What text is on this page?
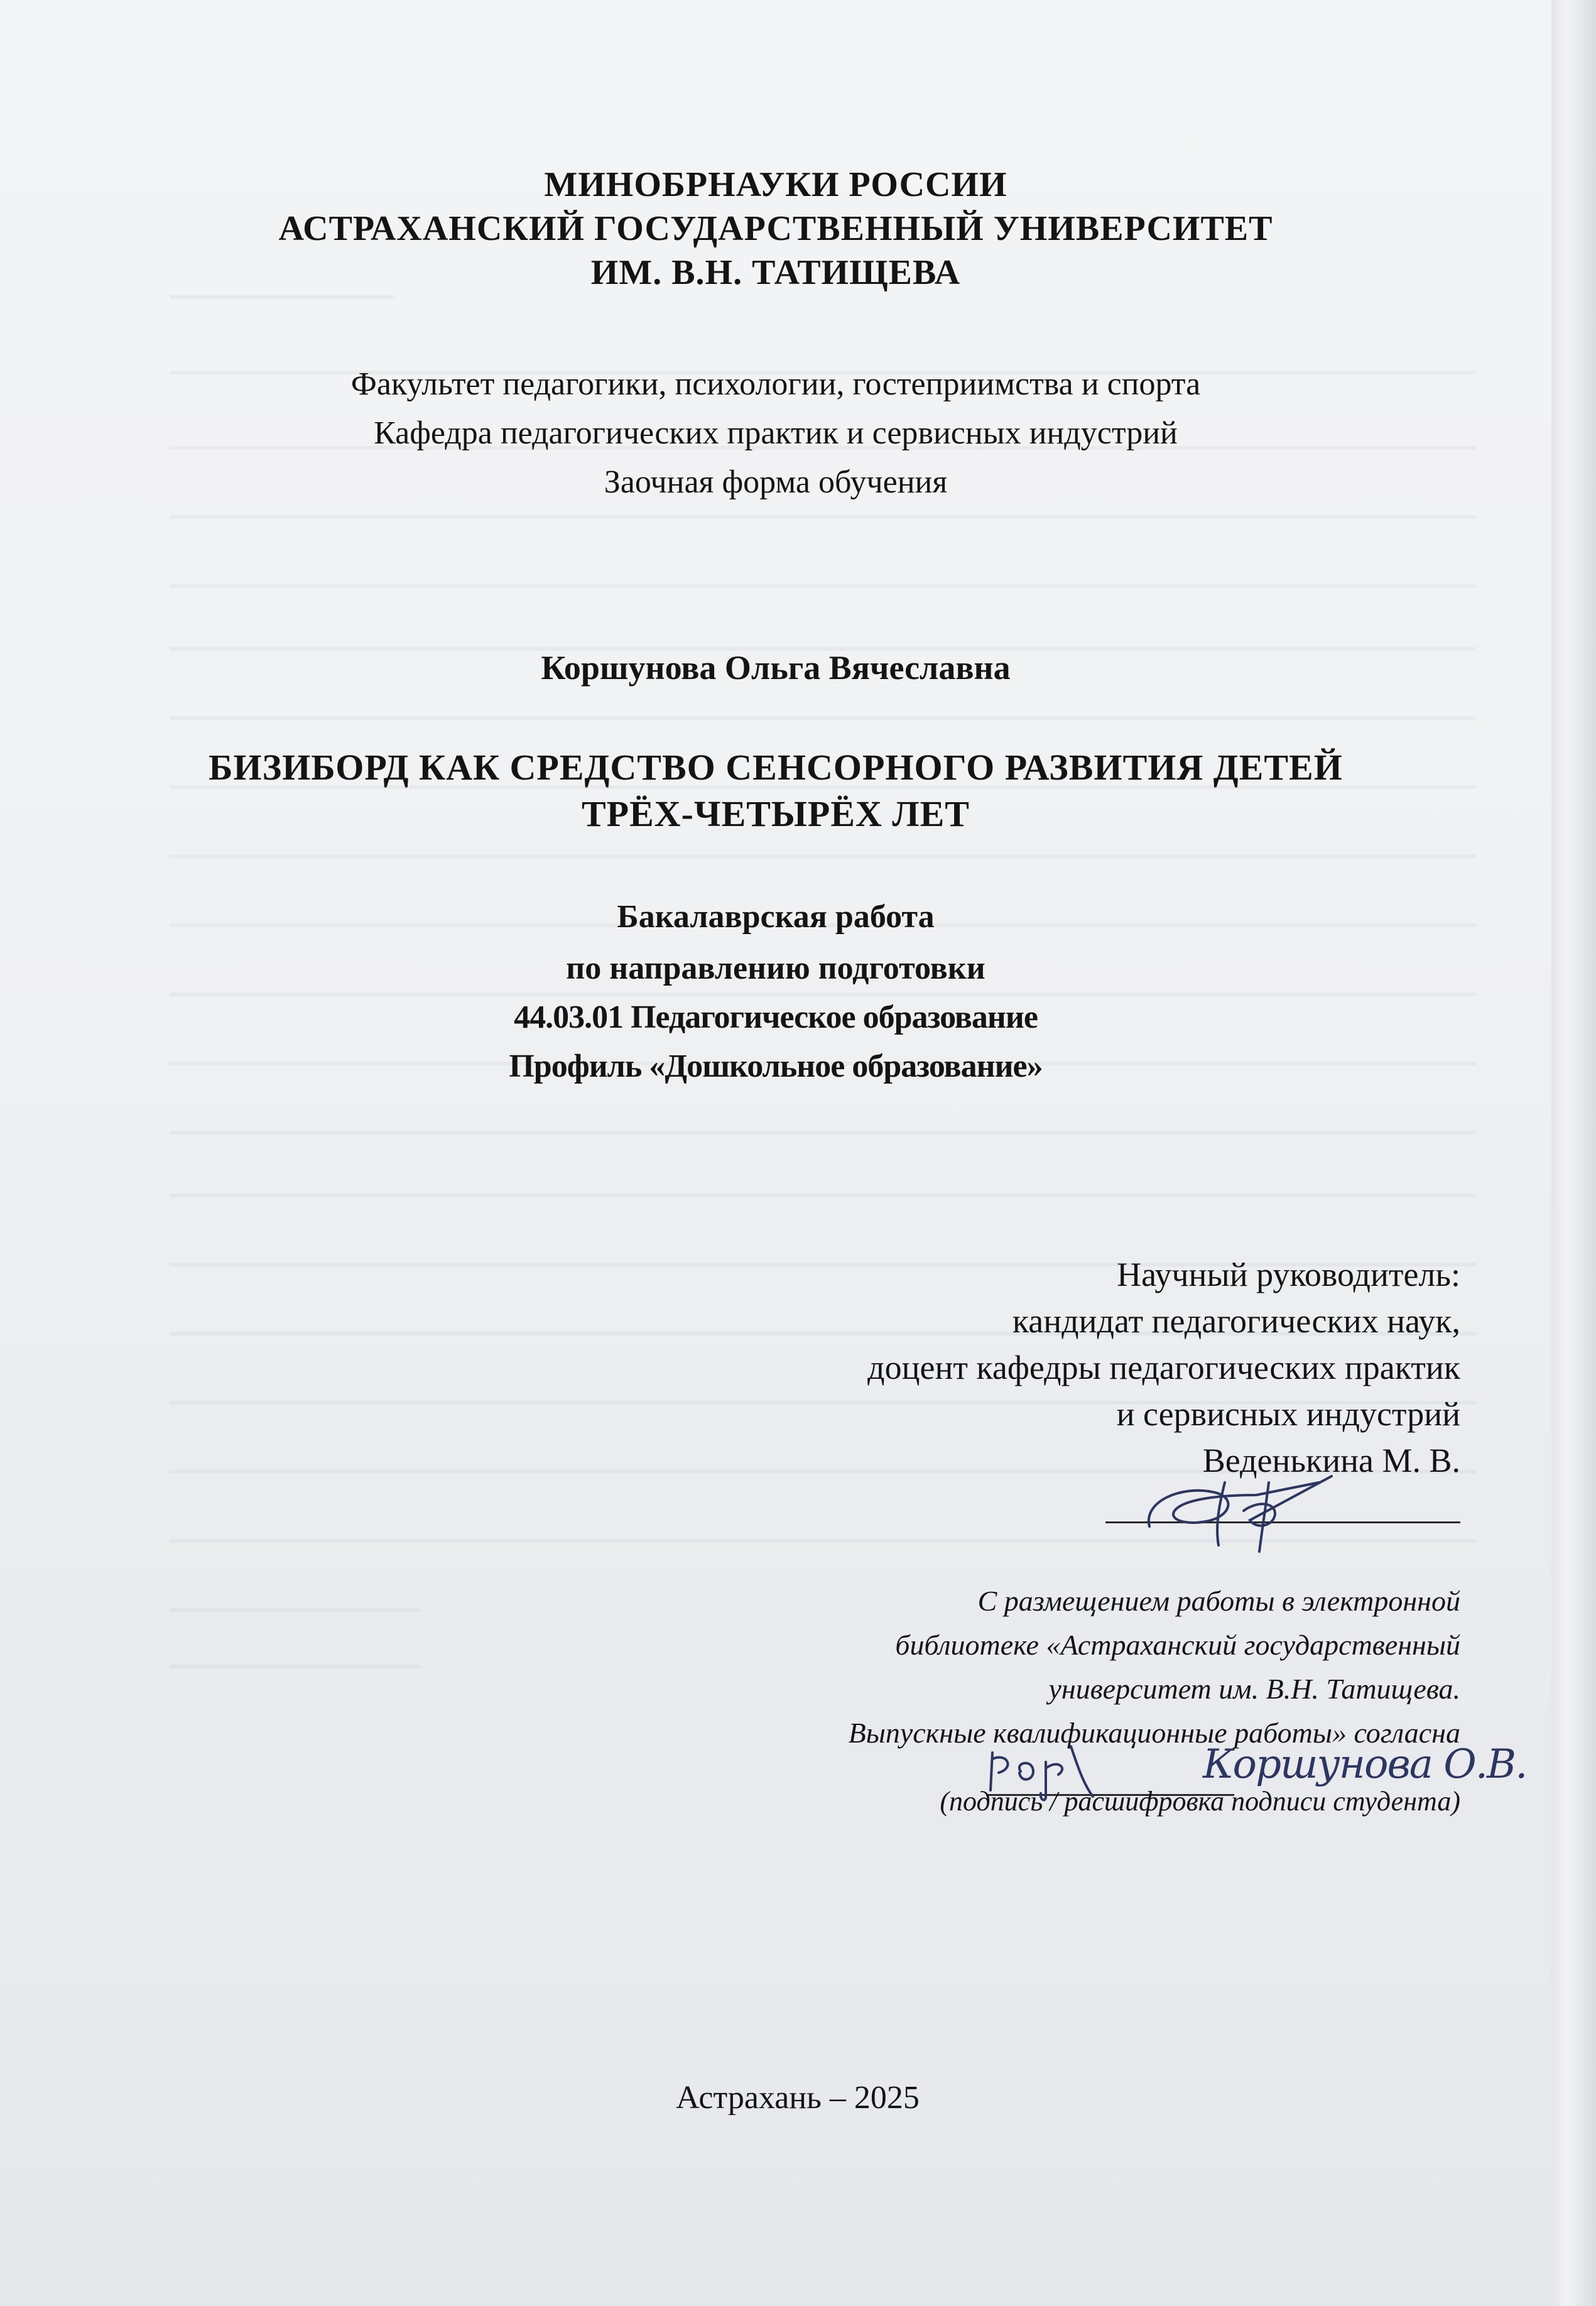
МИНОБРНАУКИ РОССИИ
АСТРАХАНСКИЙ ГОСУДАРСТВЕННЫЙ УНИВЕРСИТЕТ
ИМ. В.Н. ТАТИЩЕВА
Факультет педагогики, психологии, гостеприимства и спорта
Кафедра педагогических практик и сервисных индустрий
Заочная форма обучения
Коршунова Ольга Вячеславна
БИЗИБОРД КАК СРЕДСТВО СЕНСОРНОГО РАЗВИТИЯ ДЕТЕЙ
ТРЁХ-ЧЕТЫРЁХ ЛЕТ
Бакалаврская работа
по направлению подготовки
44.03.01 Педагогическое образование
Профиль «Дошкольное образование»
Научный руководитель:
кандидат педагогических наук,
доцент кафедры педагогических практик
и сервисных индустрий
Веденькина М. В.
С размещением работы в электронной
библиотеке «Астраханский государственный
университет им. В.Н. Татищева.
Выпускные квалификационные работы» согласна
Коршунова О.В.
(подпись / расшифровка подписи студента)
Астрахань – 2025
